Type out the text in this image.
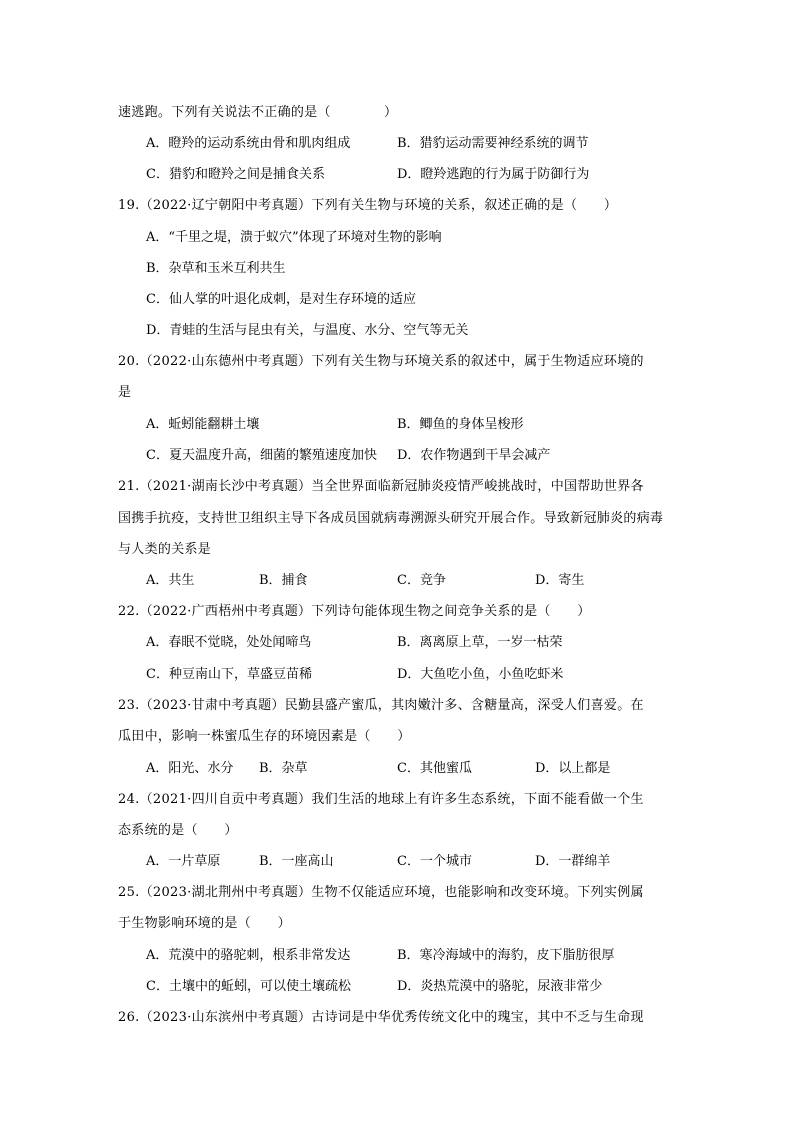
速逃跑。下列有关说法不正确的是（　　　　）
A．瞪羚的运动系统由骨和肌肉组成	B．猎豹运动需要神经系统的调节
C．猎豹和瞪羚之间是捕食关系	D．瞪羚逃跑的行为属于防御行为
19.（2022·辽宁朝阳中考真题）下列有关生物与环境的关系，叙述正确的是（　　）
A．“千里之堤，溃于蚁穴”体现了环境对生物的影响
B．杂草和玉米互利共生
C．仙人掌的叶退化成刺，是对生存环境的适应
D．青蛙的生活与昆虫有关，与温度、水分、空气等无关
20.（2022·山东德州中考真题）下列有关生物与环境关系的叙述中，属于生物适应环境的
是
A．蚯蚓能翻耕土壤	B．鲫鱼的身体呈梭形
C．夏天温度升高，细菌的繁殖速度加快 D．农作物遇到干旱会减产
21.（2021·湖南长沙中考真题）当全世界面临新冠肺炎疫情严峻挑战时，中国帮助世界各
国携手抗疫，支持世卫组织主导下各成员国就病毒溯源头研究开展合作。导致新冠肺炎的病毒
与人类的关系是
A．共生	B．捕食	C．竞争	D．寄生
22.（2022·广西梧州中考真题）下列诗句能体现生物之间竞争关系的是（　　）
A．春眠不觉晓，处处闻啼鸟	B．离离原上草，一岁一枯荣
C．种豆南山下，草盛豆苗稀	D．大鱼吃小鱼，小鱼吃虾米
23.（2023·甘肃中考真题）民勤县盛产蜜瓜，其肉嫩汁多、含糖量高，深受人们喜爱。在
瓜田中，影响一株蜜瓜生存的环境因素是（　　）
A．阳光、水分 B．杂草	C．其他蜜瓜	D．以上都是
24.（2021·四川自贡中考真题）我们生活的地球上有许多生态系统，下面不能看做一个生
态系统的是（　　）
A．一片草原	B．一座高山	C．一个城市	D．一群绵羊
25.（2023·湖北荆州中考真题）生物不仅能适应环境，也能影响和改变环境。下列实例属
于生物影响环境的是（　　）
A．荒漠中的骆驼刺，根系非常发达	B．寒冷海域中的海豹，皮下脂肪很厚
C．土壤中的蚯蚓，可以使土壤疏松	D．炎热荒漠中的骆驼，尿液非常少
26.（2023·山东滨州中考真题）古诗词是中华优秀传统文化中的瑰宝，其中不乏与生命现
